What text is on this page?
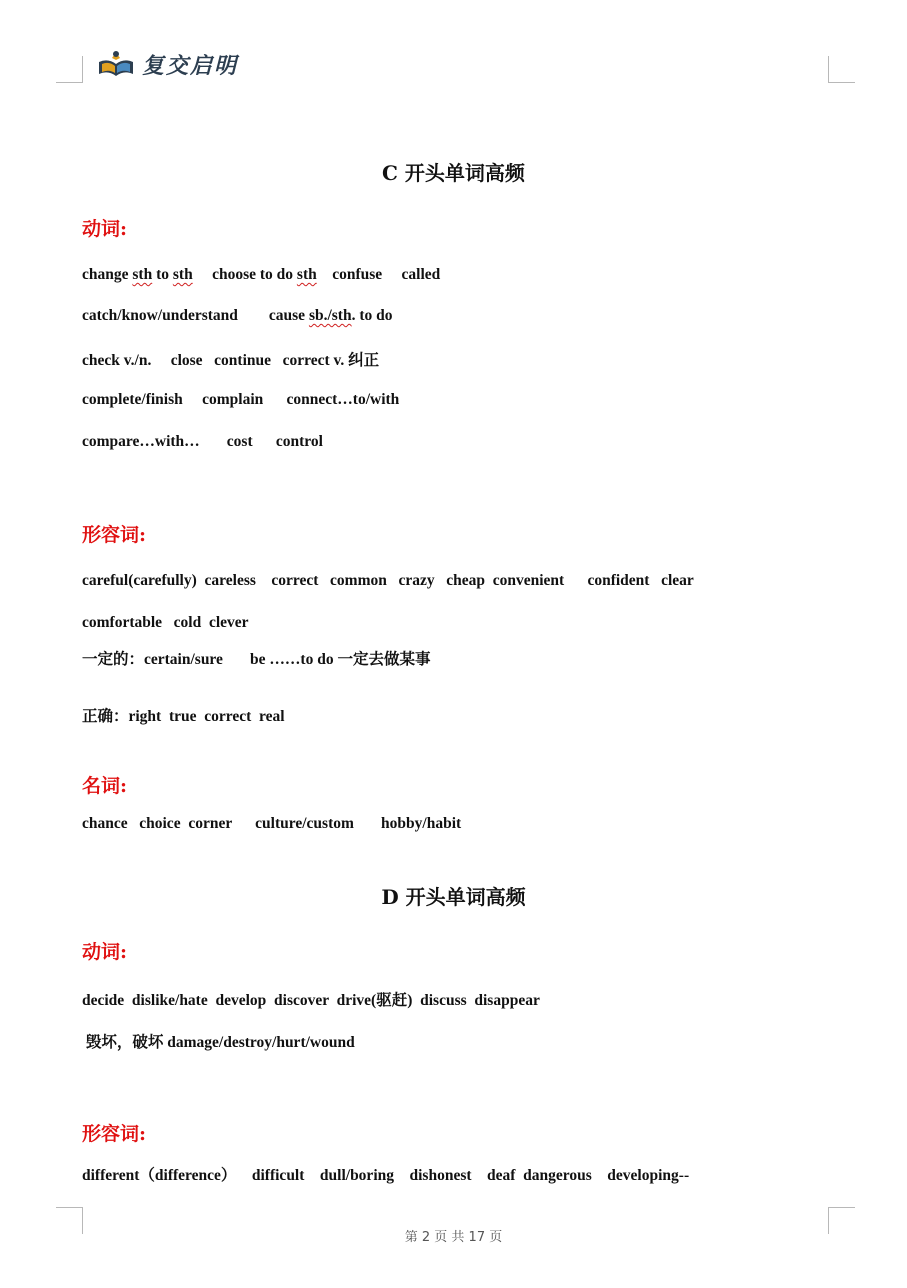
复交启明
C 开头单词高频
动词:
change sth to sth     choose to do sth    confuse     called
catch/know/understand        cause sb./sth. to do
check v./n.     close   continue   correct v. 纠正
complete/finish     complain      connect…to/with
compare…with…       cost      control
形容词:
careful(carefully)  careless    correct   common   crazy   cheap  convenient      confident   clear
comfortable   cold  clever
一定的：certain/sure       be ……to do 一定去做某事
正确：right  true  correct  real
名词:
chance   choice  corner      culture/custom       hobby/habit
D 开头单词高频
动词:
decide  dislike/hate  develop  discover  drive(驱赶)  discuss  disappear
毁坏，破坏 damage/destroy/hurt/wound
形容词:
different（difference）    difficult    dull/boring    dishonest    deaf  dangerous    developing--
第 2 页 共 17 页
